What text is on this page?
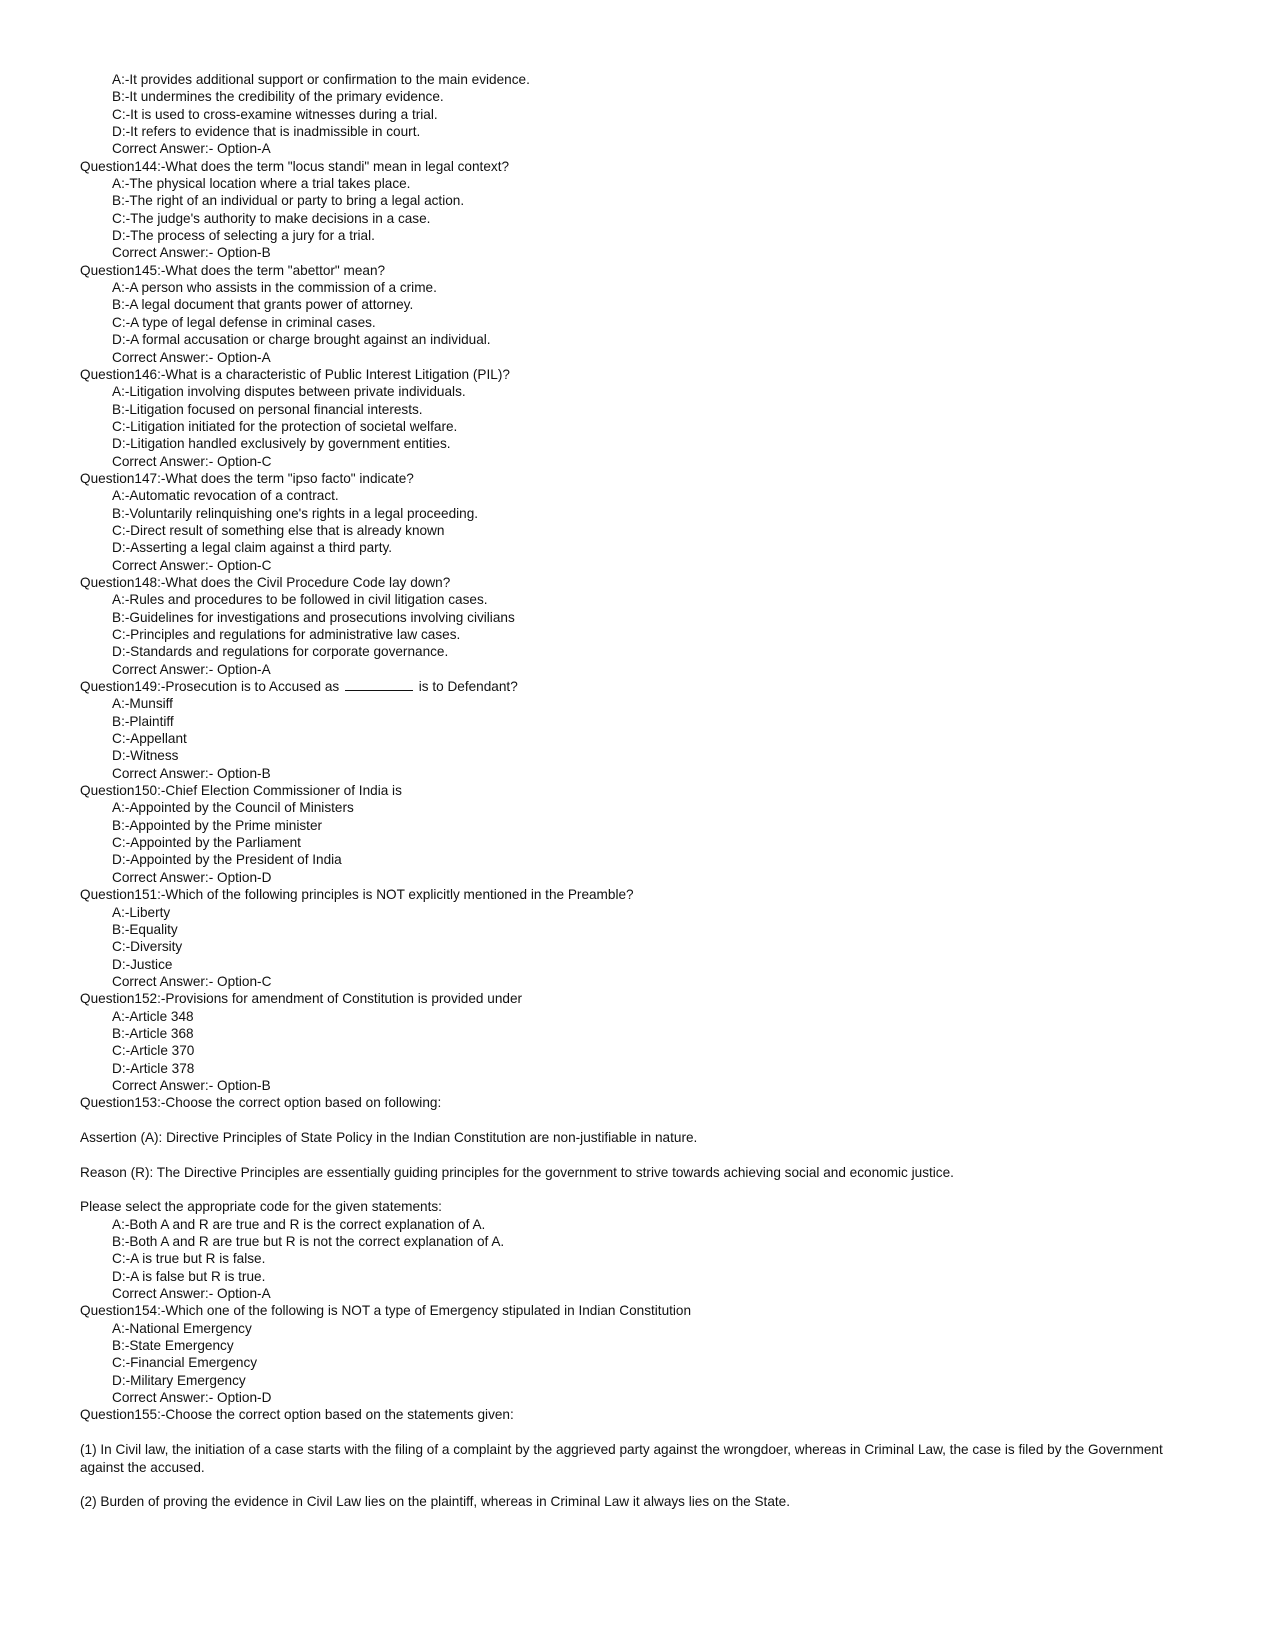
A:-It provides additional support or confirmation to the main evidence.
B:-It undermines the credibility of the primary evidence.
C:-It is used to cross-examine witnesses during a trial.
D:-It refers to evidence that is inadmissible in court.
Correct Answer:- Option-A
Question144:-What does the term "locus standi" mean in legal context?
A:-The physical location where a trial takes place.
B:-The right of an individual or party to bring a legal action.
C:-The judge's authority to make decisions in a case.
D:-The process of selecting a jury for a trial.
Correct Answer:- Option-B
Question145:-What does the term "abettor" mean?
A:-A person who assists in the commission of a crime.
B:-A legal document that grants power of attorney.
C:-A type of legal defense in criminal cases.
D:-A formal accusation or charge brought against an individual.
Correct Answer:- Option-A
Question146:-What is a characteristic of Public Interest Litigation (PIL)?
A:-Litigation involving disputes between private individuals.
B:-Litigation focused on personal financial interests.
C:-Litigation initiated for the protection of societal welfare.
D:-Litigation handled exclusively by government entities.
Correct Answer:- Option-C
Question147:-What does the term "ipso facto" indicate?
A:-Automatic revocation of a contract.
B:-Voluntarily relinquishing one's rights in a legal proceeding.
C:-Direct result of something else that is already known
D:-Asserting a legal claim against a third party.
Correct Answer:- Option-C
Question148:-What does the Civil Procedure Code lay down?
A:-Rules and procedures to be followed in civil litigation cases.
B:-Guidelines for investigations and prosecutions involving civilians
C:-Principles and regulations for administrative law cases.
D:-Standards and regulations for corporate governance.
Correct Answer:- Option-A
Question149:-Prosecution is to Accused as	is to Defendant?
A:-Munsiff
B:-Plaintiff
C:-Appellant
D:-Witness
Correct Answer:- Option-B
Question150:-Chief Election Commissioner of India is
A:-Appointed by the Council of Ministers
B:-Appointed by the Prime minister
C:-Appointed by the Parliament
D:-Appointed by the President of India
Correct Answer:- Option-D
Question151:-Which of the following principles is NOT explicitly mentioned in the Preamble?
A:-Liberty
B:-Equality
C:-Diversity
D:-Justice
Correct Answer:- Option-C
Question152:-Provisions for amendment of Constitution is provided under
A:-Article 348
B:-Article 368
C:-Article 370
D:-Article 378
Correct Answer:- Option-B
Question153:-Choose the correct option based on following:
Assertion (A): Directive Principles of State Policy in the Indian Constitution are non-justifiable in nature.
Reason (R): The Directive Principles are essentially guiding principles for the government to strive towards achieving social and economic justice.
Please select the appropriate code for the given statements:
A:-Both A and R are true and R is the correct explanation of A.
B:-Both A and R are true but R is not the correct explanation of A.
C:-A is true but R is false.
D:-A is false but R is true.
Correct Answer:- Option-A
Question154:-Which one of the following is NOT a type of Emergency stipulated in Indian Constitution
A:-National Emergency
B:-State Emergency
C:-Financial Emergency
D:-Military Emergency
Correct Answer:- Option-D
Question155:-Choose the correct option based on the statements given:
(1) In Civil law, the initiation of a case starts with the filing of a complaint by the aggrieved party against the wrongdoer, whereas in Criminal Law, the case is filed by the Government against the accused.
(2) Burden of proving the evidence in Civil Law lies on the plaintiff, whereas in Criminal Law it always lies on the State.
